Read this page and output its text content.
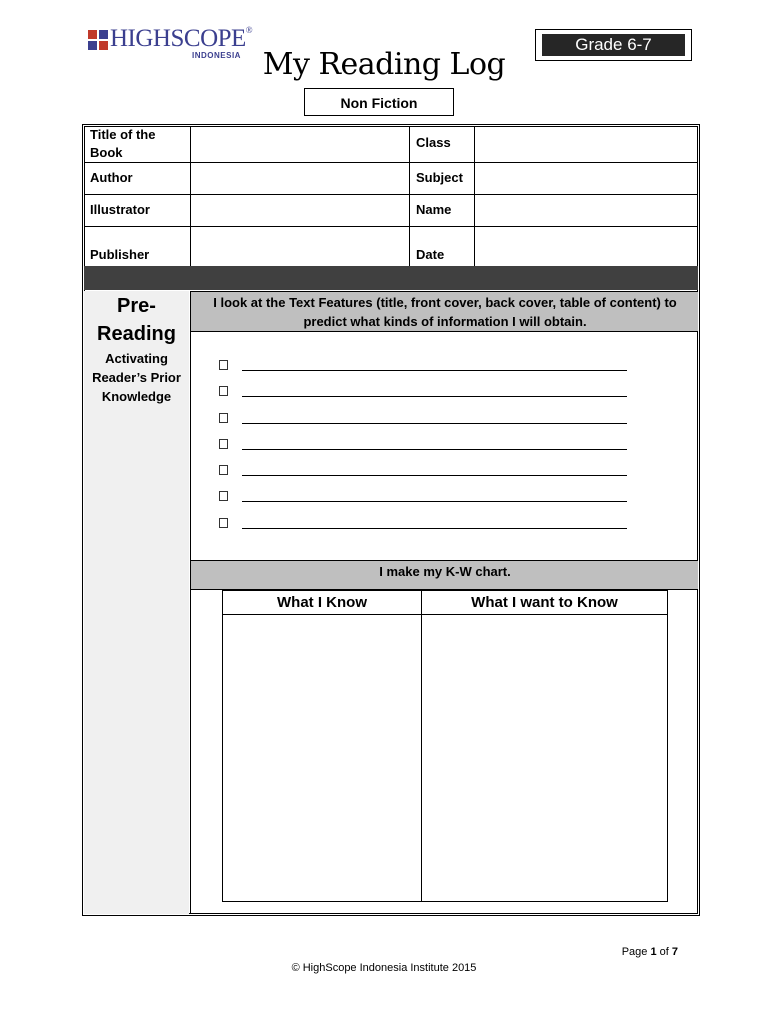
HIGHSCOPE®
INDONESIA
Grade 6-7
My Reading Log
Non Fiction
Title of the Book
Author
Illustrator
Publisher
Class
Subject
Name
Date
Pre-
Reading
Activating Reader’s Prior Knowledge
I look at the Text Features (title, front cover, back cover, table of content) to predict what kinds of information I will obtain.
I make my K-W chart.
What I Know	What I want to Know
Page 1 of 7
© HighScope Indonesia Institute 2015
